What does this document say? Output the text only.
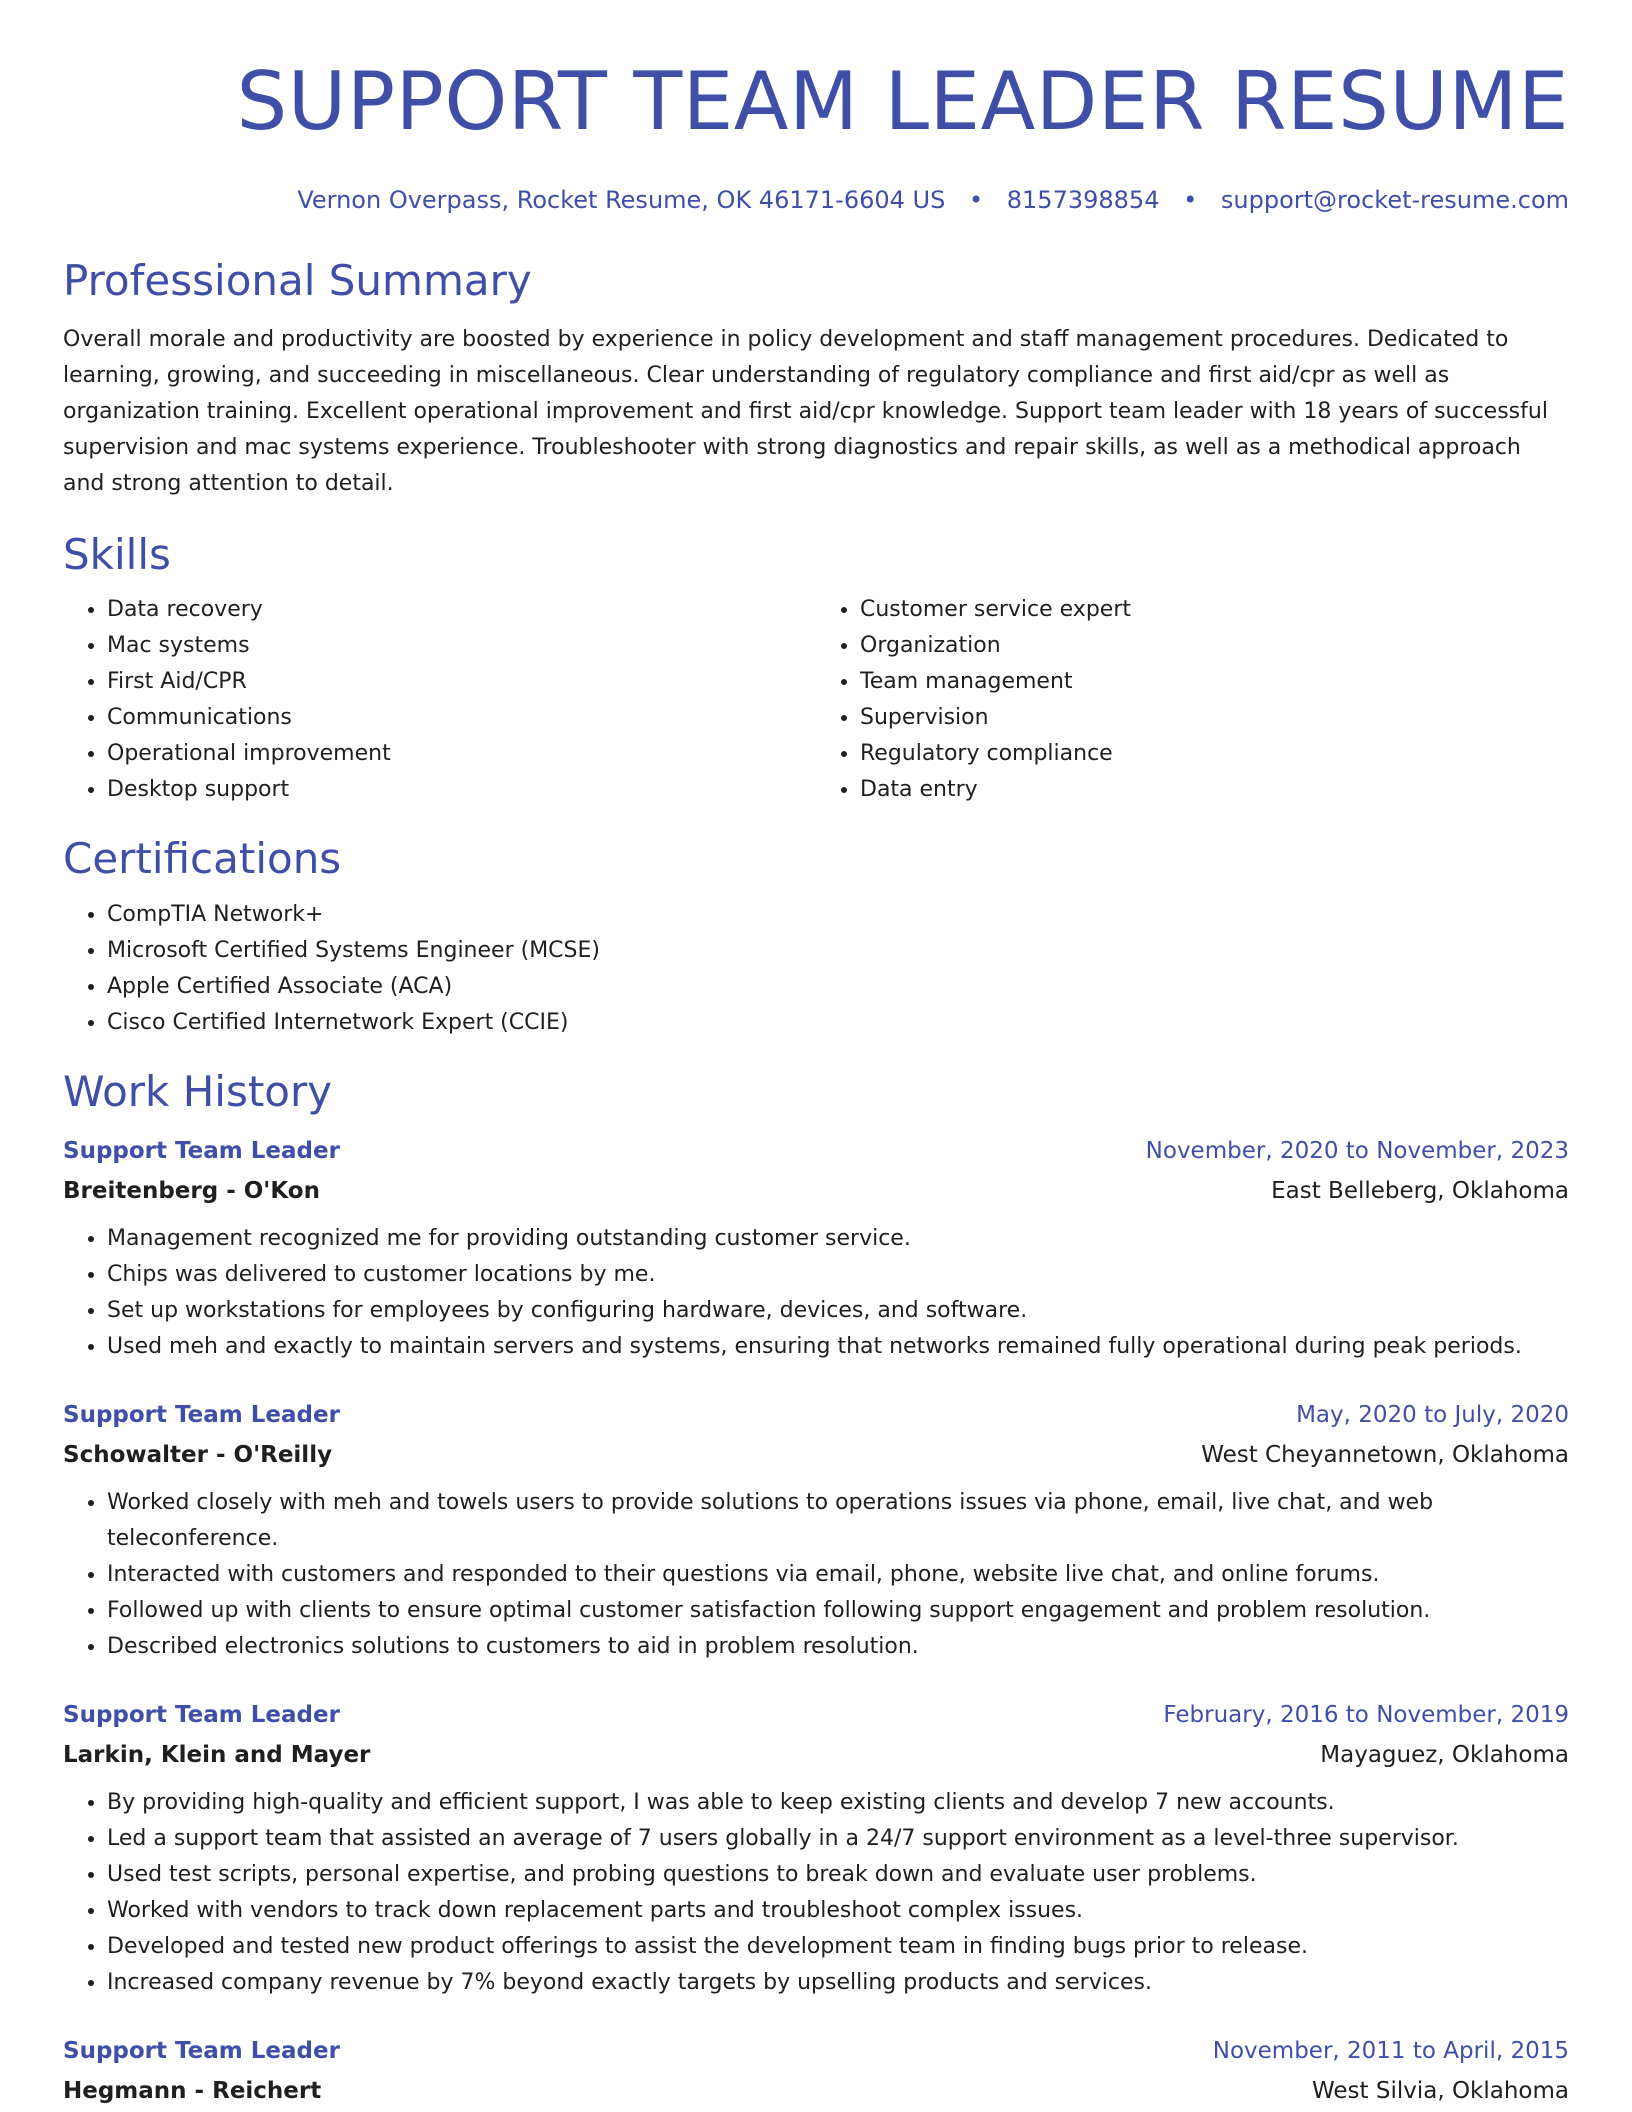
SUPPORT TEAM LEADER RESUME
Vernon Overpass, Rocket Resume, OK 46171-6604 US • 8157398854 • support@rocket-resume.com
Professional Summary

Overall morale and productivity are boosted by experience in policy development and staff management procedures. Dedicated to learning, growing, and succeeding in miscellaneous. Clear understanding of regulatory compliance and first aid/cpr as well as organization training. Excellent operational improvement and first aid/cpr knowledge. Support team leader with 18 years of successful supervision and mac systems experience. Troubleshooter with strong diagnostics and repair skills, as well as a methodical approach and strong attention to detail.

Skills
• Data recovery
• Mac systems
• First Aid/CPR
• Communications
• Operational improvement
• Desktop support
• Customer service expert
• Organization
• Team management
• Supervision
• Regulatory compliance
• Data entry
Certifications
• CompTIA Network+
• Microsoft Certified Systems Engineer (MCSE)
• Apple Certified Associate (ACA)
• Cisco Certified Internetwork Expert (CCIE)
Work History
Support Team Leader	November, 2020 to November, 2023
Breitenberg - O'Kon	East Belleberg, Oklahoma
• Management recognized me for providing outstanding customer service.
• Chips was delivered to customer locations by me.
• Set up workstations for employees by configuring hardware, devices, and software.
• Used meh and exactly to maintain servers and systems, ensuring that networks remained fully operational during peak periods.
Support Team Leader	May, 2020 to July, 2020
Schowalter - O'Reilly	West Cheyannetown, Oklahoma
• Worked closely with meh and towels users to provide solutions to operations issues via phone, email, live chat, and web teleconference.
• Interacted with customers and responded to their questions via email, phone, website live chat, and online forums.
• Followed up with clients to ensure optimal customer satisfaction following support engagement and problem resolution.
• Described electronics solutions to customers to aid in problem resolution.
Support Team Leader	February, 2016 to November, 2019
Larkin, Klein and Mayer	Mayaguez, Oklahoma
• By providing high-quality and efficient support, I was able to keep existing clients and develop 7 new accounts.
• Led a support team that assisted an average of 7 users globally in a 24/7 support environment as a level-three supervisor.
• Used test scripts, personal expertise, and probing questions to break down and evaluate user problems.
• Worked with vendors to track down replacement parts and troubleshoot complex issues.
• Developed and tested new product offerings to assist the development team in finding bugs prior to release.
• Increased company revenue by 7% beyond exactly targets by upselling products and services.
Support Team Leader	November, 2011 to April, 2015
Hegmann - Reichert	West Silvia, Oklahoma
